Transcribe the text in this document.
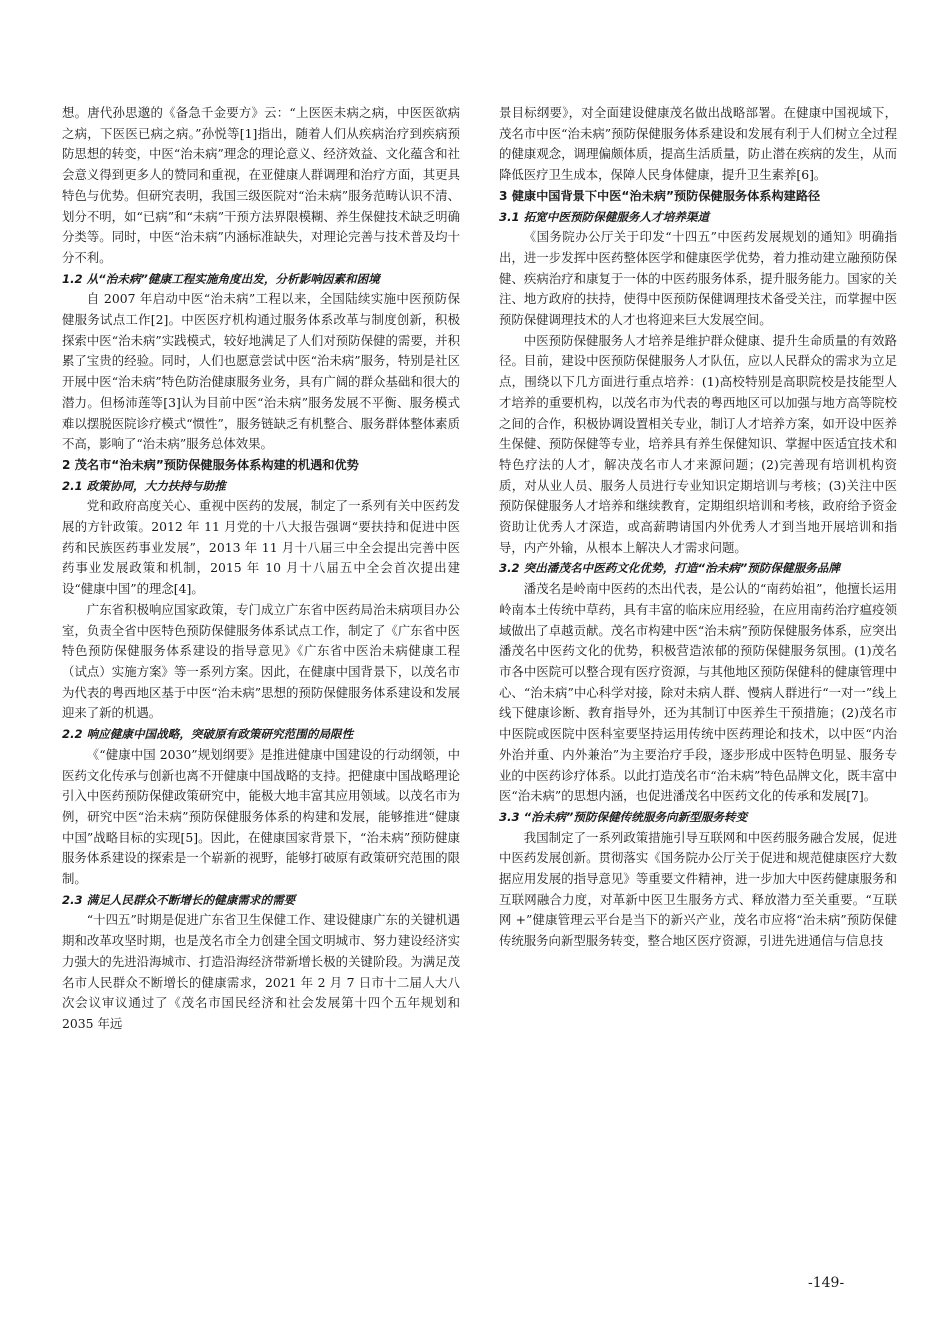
想。唐代孙思邈的《备急千金要方》云：“上医医未病之病，中医医欲病之病，下医医已病之病。”孙悦等[1]指出，随着人们从疾病治疗到疾病预防思想的转变，中医“治未病”理念的理论意义、经济效益、文化蕴含和社会意义得到更多人的赞同和重视，在亚健康人群调理和治疗方面，其更具特色与优势。但研究表明，我国三级医院对“治未病”服务范畴认识不清、划分不明，如“已病”和“未病”干预方法界限模糊、养生保健技术缺乏明确分类等。同时，中医“治未病”内涵标准缺失，对理论完善与技术普及均十分不利。

1.2 从“治未病”健康工程实施角度出发，分析影响因素和困境

自 2007 年启动中医“治未病”工程以来，全国陆续实施中医预防保健服务试点工作[2]。中医医疗机构通过服务体系改革与制度创新，积极探索中医“治未病”实践模式，较好地满足了人们对预防保健的需要，并积累了宝贵的经验。同时，人们也愿意尝试中医“治未病”服务，特别是社区开展中医“治未病”特色防治健康服务业务，具有广阔的群众基础和很大的潜力。但杨沛莲等[3]认为目前中医“治未病”服务发展不平衡、服务模式难以摆脱医院诊疗模式“惯性”，服务链缺乏有机整合、服务群体整体素质不高，影响了“治未病”服务总体效果。

2 茂名市“治未病”预防保健服务体系构建的机遇和优势
2.1 政策协同，大力扶持与助推

党和政府高度关心、重视中医药的发展，制定了一系列有关中医药发展的方针政策。2012 年 11 月党的十八大报告强调“要扶持和促进中医药和民族医药事业发展”，2013 年 11 月十八届三中全会提出完善中医药事业发展政策和机制，2015 年 10 月十八届五中全会首次提出建设“健康中国”的理念[4]。

广东省积极响应国家政策，专门成立广东省中医药局治未病项目办公室，负责全省中医特色预防保健服务体系试点工作，制定了《广东省中医特色预防保健服务体系建设的指导意见》《广东省中医治未病健康工程（试点）实施方案》等一系列方案。因此，在健康中国背景下，以茂名市为代表的粤西地区基于中医“治未病”思想的预防保健服务体系建设和发展迎来了新的机遇。

2.2 响应健康中国战略，突破原有政策研究范围的局限性

《“健康中国 2030”规划纲要》是推进健康中国建设的行动纲领，中医药文化传承与创新也离不开健康中国战略的支持。把健康中国战略理论引入中医药预防保健政策研究中，能极大地丰富其应用领域。以茂名市为例，研究中医“治未病”预防保健服务体系的构建和发展，能够推进“健康中国”战略目标的实现[5]。因此，在健康国家背景下，“治未病”预防健康服务体系建设的探索是一个崭新的视野，能够打破原有政策研究范围的限制。

2.3 满足人民群众不断增长的健康需求的需要

“十四五”时期是促进广东省卫生保健工作、建设健康广东的关键机遇期和改革攻坚时期，也是茂名市全力创建全国文明城市、努力建设经济实力强大的先进沿海城市、打造沿海经济带新增长极的关键阶段。为满足茂名市人民群众不断增长的健康需求，2021 年 2 月 7 日市十二届人大八次会议审议通过了《茂名市国民经济和社会发展第十四个五年规划和 2035 年远

景目标纲要》，对全面建设健康茂名做出战略部署。在健康中国视域下，茂名市中医“治未病”预防保健服务体系建设和发展有利于人们树立全过程的健康观念，调理偏颇体质，提高生活质量，防止潜在疾病的发生，从而降低医疗卫生成本，保障人民身体健康，提升卫生素养[6]。

3 健康中国背景下中医“治未病”预防保健服务体系构建路径
3.1 拓宽中医预防保健服务人才培养渠道

《国务院办公厅关于印发“十四五”中医药发展规划的通知》明确指出，进一步发挥中医药整体医学和健康医学优势，着力推动建立融预防保健、疾病治疗和康复于一体的中医药服务体系，提升服务能力。国家的关注、地方政府的扶持，使得中医预防保健调理技术备受关注，而掌握中医预防保健调理技术的人才也将迎来巨大发展空间。

中医预防保健服务人才培养是维护群众健康、提升生命质量的有效路径。目前，建设中医预防保健服务人才队伍，应以人民群众的需求为立足点，围绕以下几方面进行重点培养：(1)高校特别是高职院校是技能型人才培养的重要机构，以茂名市为代表的粤西地区可以加强与地方高等院校之间的合作，积极协调设置相关专业，制订人才培养方案，如开设中医养生保健、预防保健等专业，培养具有养生保健知识、掌握中医适宜技术和特色疗法的人才，解决茂名市人才来源问题；(2)完善现有培训机构资质，对从业人员、服务人员进行专业知识定期培训与考核；(3)关注中医预防保健服务人才培养和继续教育，定期组织培训和考核，政府给予资金资助让优秀人才深造，或高薪聘请国内外优秀人才到当地开展培训和指导，内产外输，从根本上解决人才需求问题。

3.2 突出潘茂名中医药文化优势，打造“治未病”预防保健服务品牌

潘茂名是岭南中医药的杰出代表，是公认的“南药始祖”，他擅长运用岭南本土传统中草药，具有丰富的临床应用经验，在应用南药治疗瘟疫领域做出了卓越贡献。茂名市构建中医“治未病”预防保健服务体系，应突出潘茂名中医药文化的优势，积极营造浓郁的预防保健服务氛围。(1)茂名市各中医院可以整合现有医疗资源，与其他地区预防保健科的健康管理中心、“治未病”中心科学对接，除对未病人群、慢病人群进行“一对一”线上线下健康诊断、教育指导外，还为其制订中医养生干预措施；(2)茂名市中医院或医院中医科室要坚持运用传统中医药理论和技术，以中医“内治外治并重、内外兼治”为主要治疗手段，逐步形成中医特色明显、服务专业的中医药诊疗体系。以此打造茂名市“治未病”特色品牌文化，既丰富中医“治未病”的思想内涵，也促进潘茂名中医药文化的传承和发展[7]。

3.3 “治未病”预防保健传统服务向新型服务转变

我国制定了一系列政策措施引导互联网和中医药服务融合发展，促进中医药发展创新。贯彻落实《国务院办公厅关于促进和规范健康医疗大数据应用发展的指导意见》等重要文件精神，进一步加大中医药健康服务和互联网融合力度，对革新中医卫生服务方式、释放潜力至关重要。“互联网 +”健康管理云平台是当下的新兴产业，茂名市应将“治未病”预防保健传统服务向新型服务转变，整合地区医疗资源，引进先进通信与信息技

-149-
